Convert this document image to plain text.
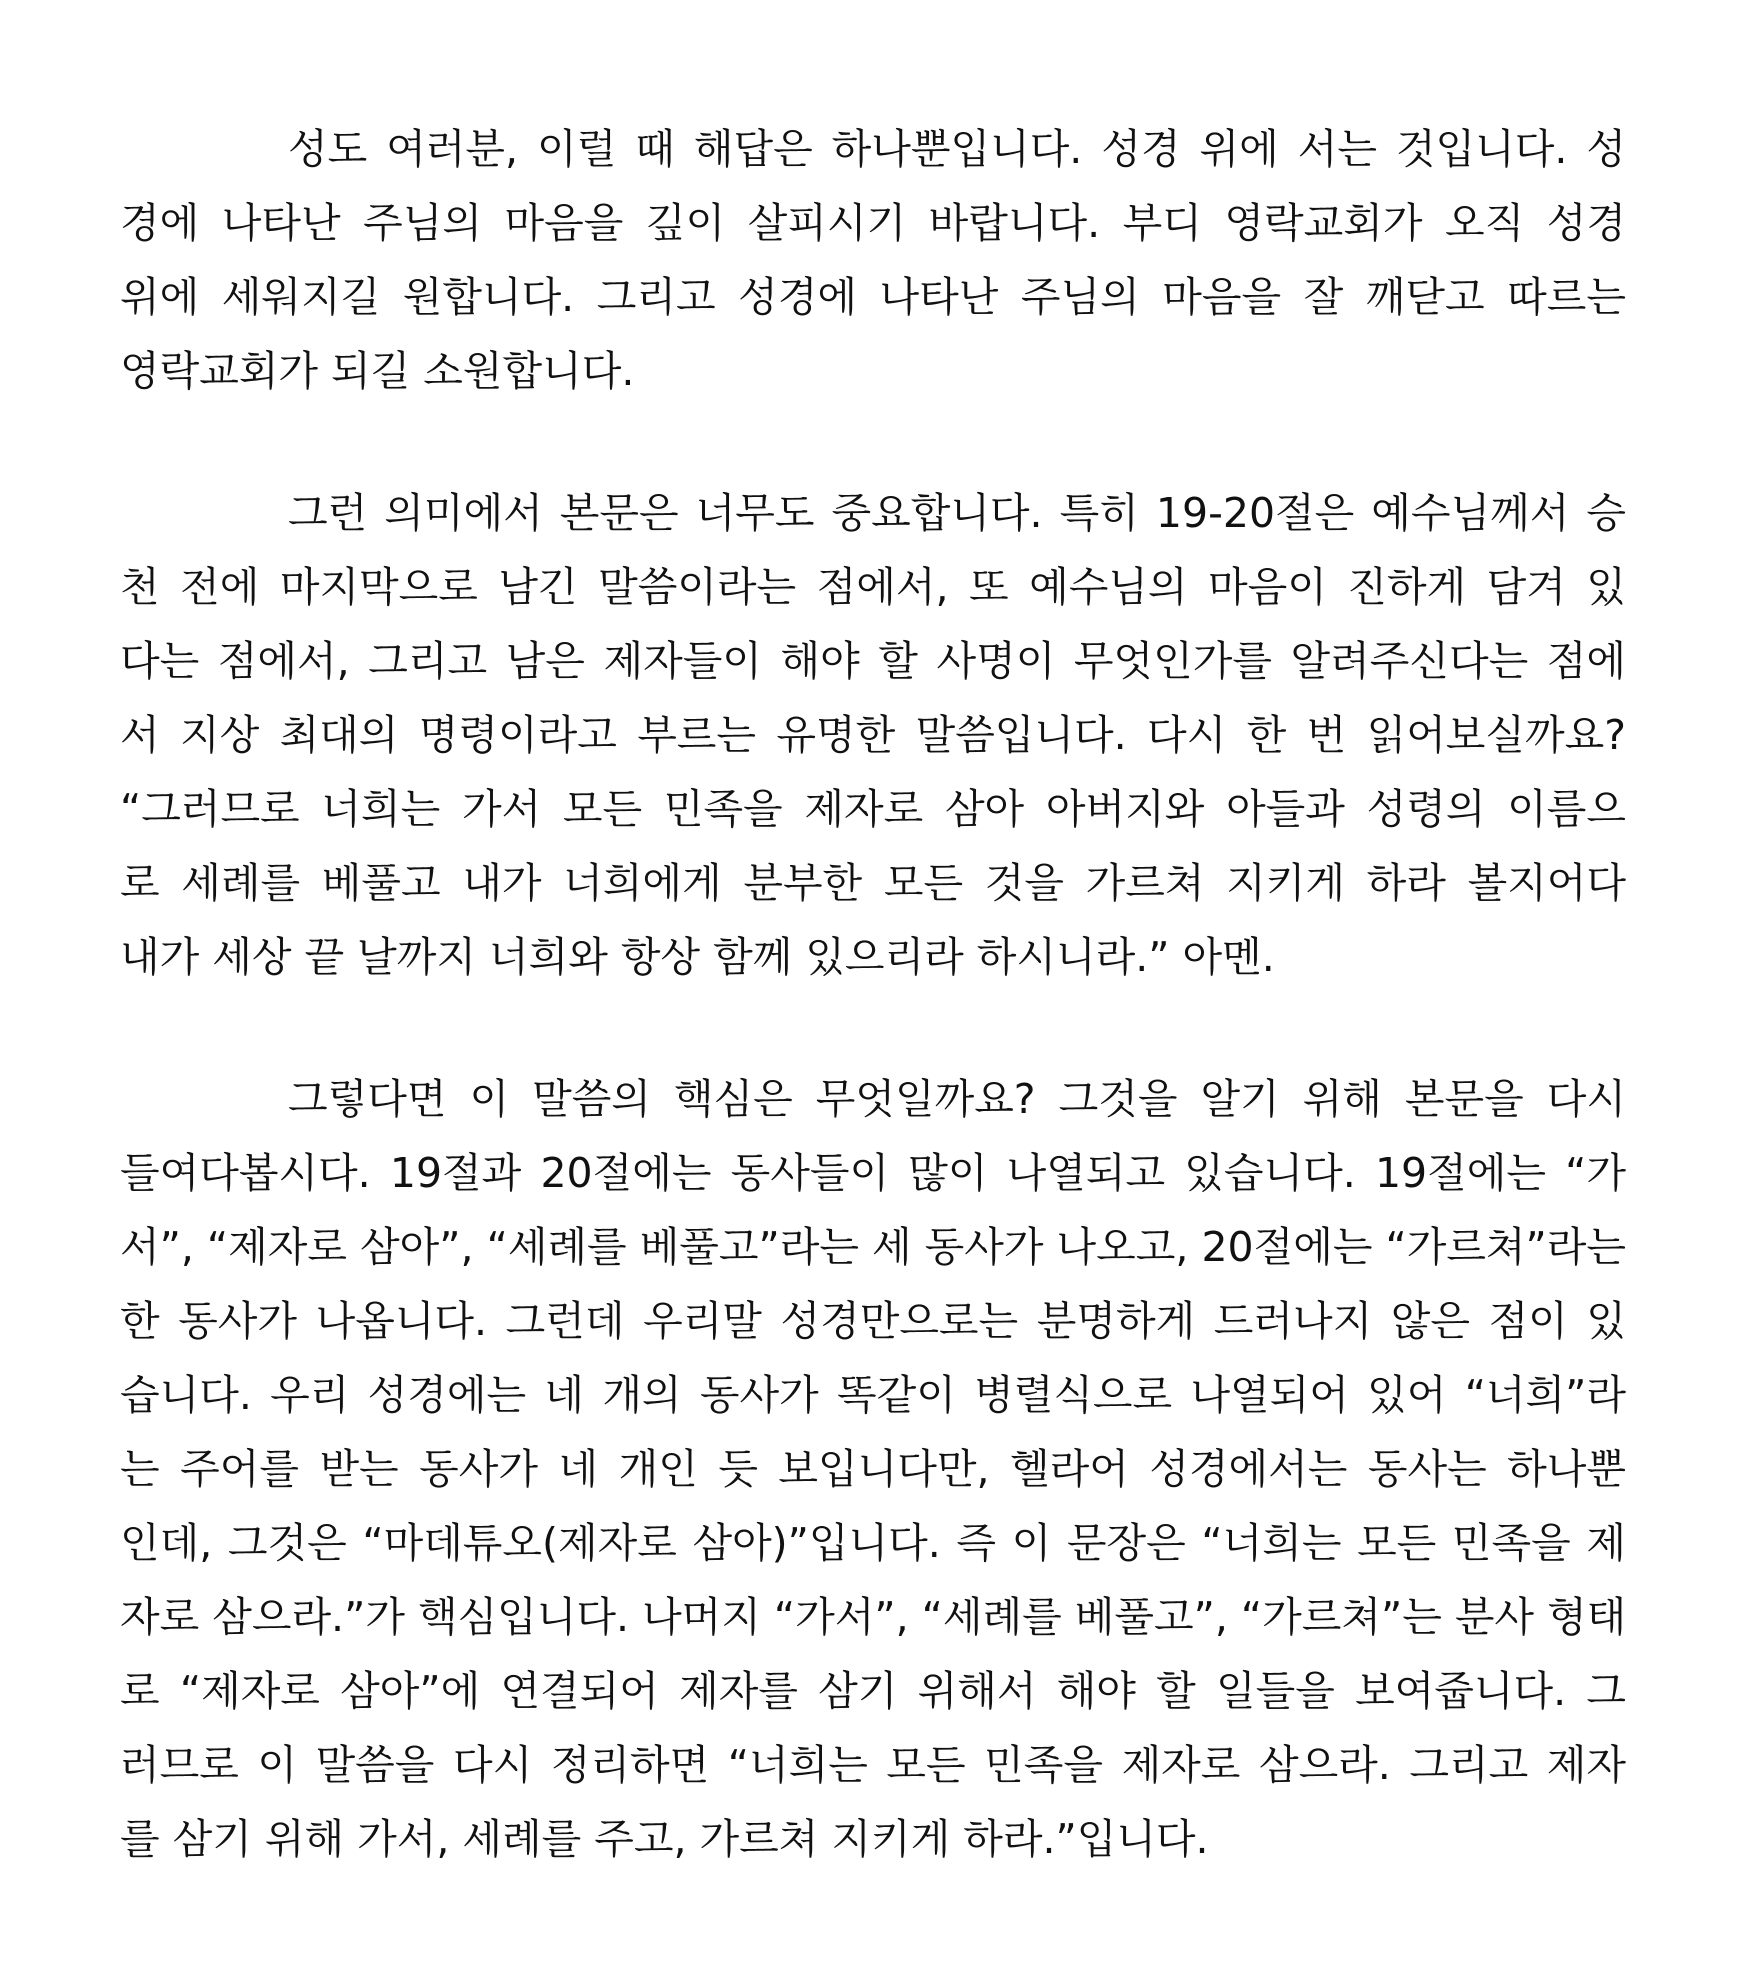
성도 여러분, 이럴 때 해답은 하나뿐입니다. 성경 위에 서는 것입니다. 성
경에 나타난 주님의 마음을 깊이 살피시기 바랍니다. 부디 영락교회가 오직 성경
위에 세워지길 원합니다. 그리고 성경에 나타난 주님의 마음을 잘 깨닫고 따르는
영락교회가 되길 소원합니다.
그런 의미에서 본문은 너무도 중요합니다. 특히 19-20절은 예수님께서 승
천 전에 마지막으로 남긴 말씀이라는 점에서, 또 예수님의 마음이 진하게 담겨 있
다는 점에서, 그리고 남은 제자들이 해야 할 사명이 무엇인가를 알려주신다는 점에
서 지상 최대의 명령이라고 부르는 유명한 말씀입니다. 다시 한 번 읽어보실까요?
“그러므로 너희는 가서 모든 민족을 제자로 삼아 아버지와 아들과 성령의 이름으
로 세례를 베풀고 내가 너희에게 분부한 모든 것을 가르쳐 지키게 하라 볼지어다
내가 세상 끝 날까지 너희와 항상 함께 있으리라 하시니라.” 아멘.
그렇다면 이 말씀의 핵심은 무엇일까요? 그것을 알기 위해 본문을 다시
들여다봅시다. 19절과 20절에는 동사들이 많이 나열되고 있습니다. 19절에는 “가
서”, “제자로 삼아”, “세례를 베풀고”라는 세 동사가 나오고, 20절에는 “가르쳐”라는
한 동사가 나옵니다. 그런데 우리말 성경만으로는 분명하게 드러나지 않은 점이 있
습니다. 우리 성경에는 네 개의 동사가 똑같이 병렬식으로 나열되어 있어 “너희”라
는 주어를 받는 동사가 네 개인 듯 보입니다만, 헬라어 성경에서는 동사는 하나뿐
인데, 그것은 “마데튜오(제자로 삼아)”입니다. 즉 이 문장은 “너희는 모든 민족을 제
자로 삼으라.”가 핵심입니다. 나머지 “가서”, “세례를 베풀고”, “가르쳐”는 분사 형태
로 “제자로 삼아”에 연결되어 제자를 삼기 위해서 해야 할 일들을 보여줍니다. 그
러므로 이 말씀을 다시 정리하면 “너희는 모든 민족을 제자로 삼으라. 그리고 제자
를 삼기 위해 가서, 세례를 주고, 가르쳐 지키게 하라.”입니다.
